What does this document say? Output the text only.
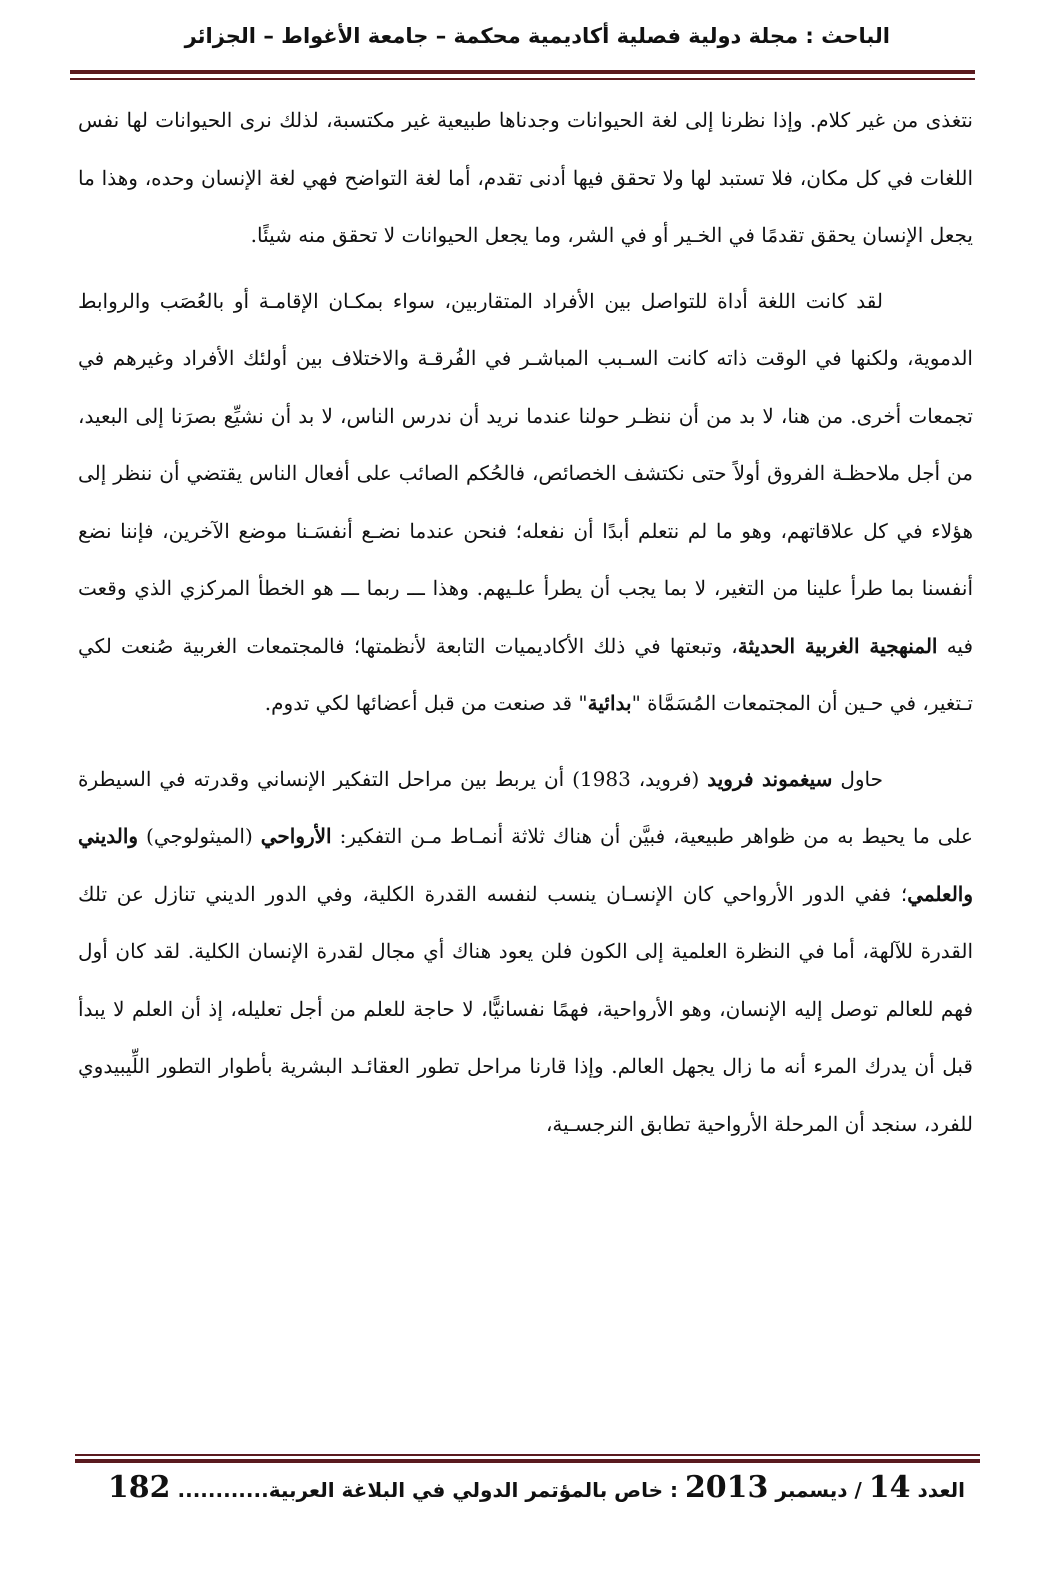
الباحث : مجلة دولية فصلية أكاديمية محكمة – جامعة الأغواط – الجزائر

نتغذى من غير كلام. وإذا نظرنا إلى لغة الحيوانات وجدناها طبيعية غير مكتسبة، لذلك نرى الحيوانات لها نفس اللغات في كل مكان، فلا تستبد لها ولا تحقق فيها أدنى تقدم، أما لغة التواضح فهي لغة الإنسان وحده، وهذا ما يجعل الإنسان يحقق تقدمًا في الخـير أو في الشر، وما يجعل الحيوانات لا تحقق منه شيئًا.

لقد كانت اللغة أداة للتواصل بين الأفراد المتقاربين، سواء بمكـان الإقامـة أو بالعُصَب والروابط الدموية، ولكنها في الوقت ذاته كانت السـبب المباشـر في الفُرقـة والاختلاف بين أولئك الأفراد وغيرهم في تجمعات أخرى. من هنا، لا بد من أن ننظـر حولنا عندما نريد أن ندرس الناس، لا بد أن نشيِّع بصرَنا إلى البعيد، من أجل ملاحظـة الفروق أولاً حتى نكتشف الخصائص، فالحُكم الصائب على أفعال الناس يقتضي أن ننظر إلى هؤلاء في كل علاقاتهم، وهو ما لم نتعلم أبدًا أن نفعله؛ فنحن عندما نضـع أنفسَـنا موضع الآخرين، فإننا نضع أنفسنا بما طرأ علينا من التغير، لا بما يجب أن يطرأ علـيهم. وهذا ـــ ربما ـــ هو الخطأ المركزي الذي وقعت فيه المنهجية الغربية الحديثة، وتبعتها في ذلك الأكاديميات التابعة لأنظمتها؛ فالمجتمعات الغربية صُنعت لكي تـتغير، في حـين أن المجتمعات المُسَمَّاة "بدائية" قد صنعت من قبل أعضائها لكي تدوم.

حاول سيغموند فرويد (فرويد، 1983) أن يربط بين مراحل التفكير الإنساني وقدرته في السيطرة على ما يحيط به من ظواهر طبيعية، فبيَّن أن هناك ثلاثة أنمـاط مـن التفكير: الأرواحي (الميثولوجي) والديني والعلمي؛ ففي الدور الأرواحي كان الإنسـان ينسب لنفسه القدرة الكلية، وفي الدور الديني تنازل عن تلك القدرة للآلهة، أما في النظرة العلمية إلى الكون فلن يعود هناك أي مجال لقدرة الإنسان الكلية. لقد كان أول فهم للعالم توصل إليه الإنسان، وهو الأرواحية، فهمًا نفسانيًّا، لا حاجة للعلم من أجل تعليله، إذ أن العلم لا يبدأ قبل أن يدرك المرء أنه ما زال يجهل العالم. وإذا قارنا مراحل تطور العقائـد البشرية بأطوار التطور اللِّيبيدوي للفرد، سنجد أن المرحلة الأرواحية تطابق النرجسـية،

العدد 14 / ديسمبر 2013 : خاص بالمؤتمر الدولي في البلاغة العربية............ 182
